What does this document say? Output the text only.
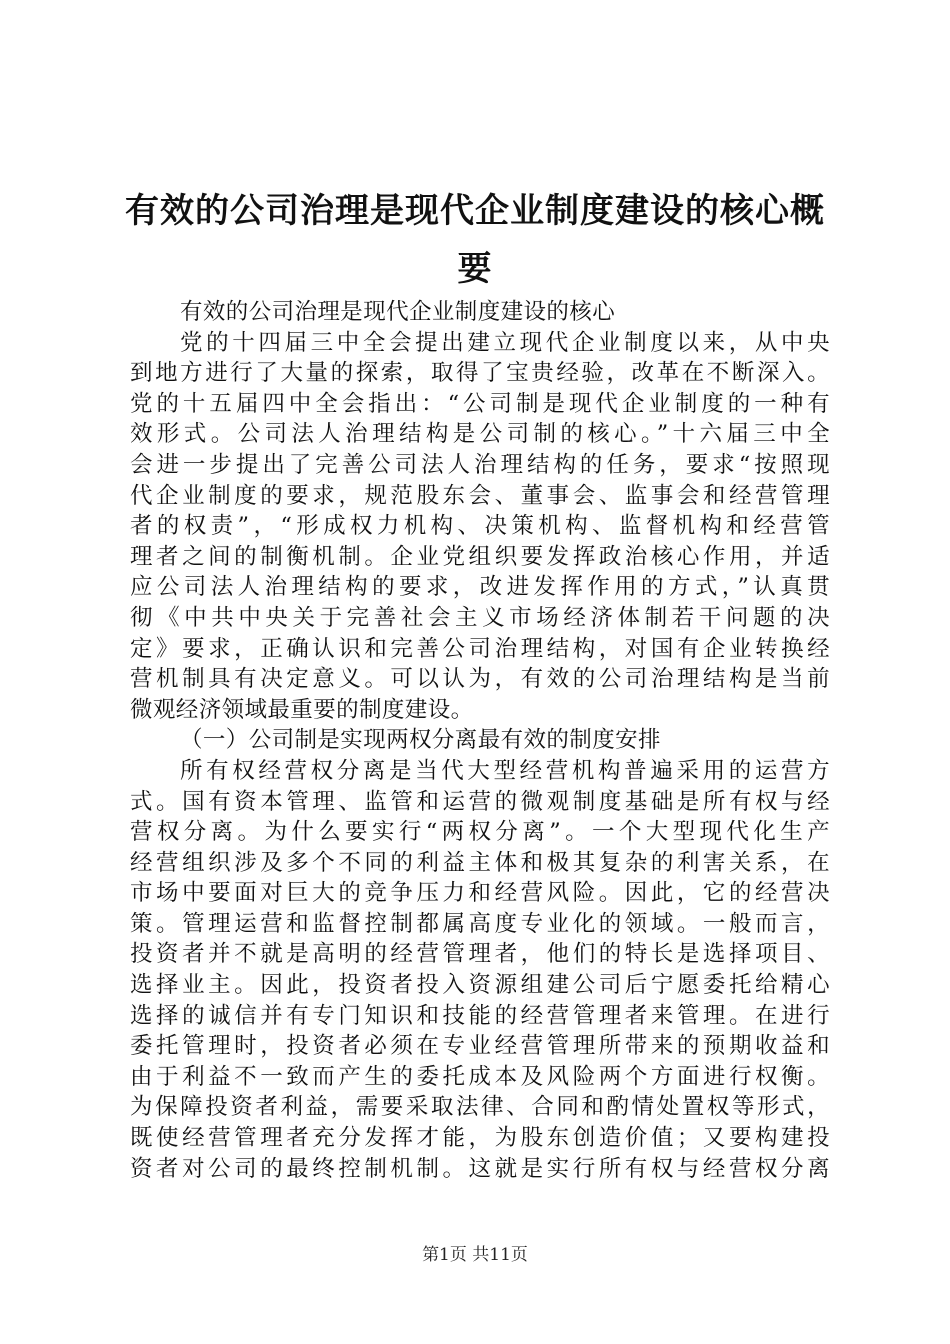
有效的公司治理是现代企业制度建设的核心概
要
有效的公司治理是现代企业制度建设的核心
党的十四届三中全会提出建立现代企业制度以来，从中央
到地方进行了大量的探索，取得了宝贵经验，改革在不断深入。
党的十五届四中全会指出：“公司制是现代企业制度的一种有
效形式。公司法人治理结构是公司制的核心。”十六届三中全
会进一步提出了完善公司法人治理结构的任务，要求“按照现
代企业制度的要求，规范股东会、董事会、监事会和经营管理
者的权责”，“形成权力机构、决策机构、监督机构和经营管
理者之间的制衡机制。企业党组织要发挥政治核心作用，并适
应公司法人治理结构的要求，改进发挥作用的方式，”认真贯
彻《中共中央关于完善社会主义市场经济体制若干问题的决
定》要求，正确认识和完善公司治理结构，对国有企业转换经
营机制具有决定意义。可以认为，有效的公司治理结构是当前
微观经济领域最重要的制度建设。
（一）公司制是实现两权分离最有效的制度安排
所有权经营权分离是当代大型经营机构普遍采用的运营方
式。国有资本管理、监管和运营的微观制度基础是所有权与经
营权分离。为什么要实行“两权分离”。一个大型现代化生产
经营组织涉及多个不同的利益主体和极其复杂的利害关系，在
市场中要面对巨大的竞争压力和经营风险。因此，它的经营决
策。管理运营和监督控制都属高度专业化的领域。一般而言，
投资者并不就是高明的经营管理者，他们的特长是选择项目、
选择业主。因此，投资者投入资源组建公司后宁愿委托给精心
选择的诚信并有专门知识和技能的经营管理者来管理。在进行
委托管理时，投资者必须在专业经营管理所带来的预期收益和
由于利益不一致而产生的委托成本及风险两个方面进行权衡。
为保障投资者利益，需要采取法律、合同和酌情处置权等形式，
既使经营管理者充分发挥才能，为股东创造价值；又要构建投
资者对公司的最终控制机制。这就是实行所有权与经营权分离
第1页 共11页
